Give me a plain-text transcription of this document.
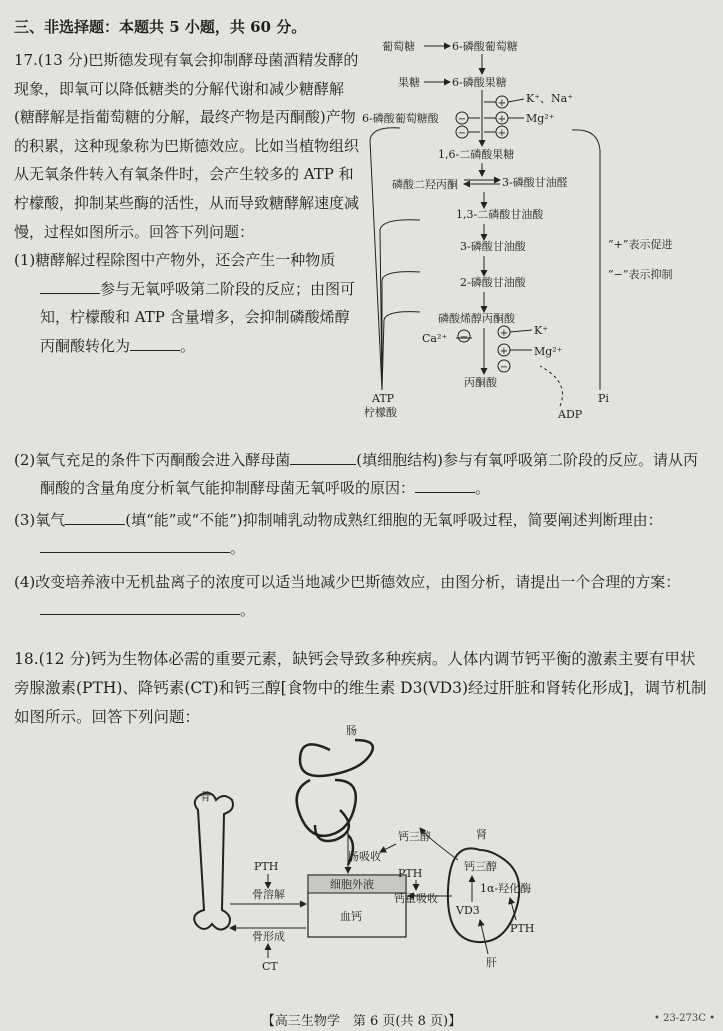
三、非选择题：本题共 5 小题，共 60 分。

17.(13 分)巴斯德发现有氧会抑制酵母菌酒精发酵的现象，即氧可以降低糖类的分解代谢和减少糖酵解(糖酵解是指葡萄糖的分解，最终产物是丙酮酸)产物的积累，这种现象称为巴斯德效应。比如当植物组织从无氧条件转入有氧条件时，会产生较多的 ATP 和柠檬酸，抑制某些酶的活性，从而导致糖酵解速度减慢，过程如图所示。回答下列问题：

(1)糖酵解过程除图中产物外，还会产生一种物质参与无氧呼吸第二阶段的反应；由图可知，柠檬酸和 ATP 含量增多，会抑制磷酸烯醇丙酮酸转化为	。

葡萄糖	6-磷酸葡萄糖
果糖	6-磷酸果糖
K⁺、Na⁺
Mg²⁺
6-磷酸葡萄糖酸
1,6-二磷酸果糖
磷酸二羟丙酮	3-磷酸甘油醛
1,3-二磷酸甘油酸
3-磷酸甘油酸
2-磷酸甘油酸
磷酸烯醇丙酮酸
Ca²⁺
K⁺
Mg²⁺
丙酮酸
ATP
柠檬酸	ADP
Pi
“+”表示促进
“−”表示抑制
−
−
+
+
+
−	+
+
−

(2)氧气充足的条件下丙酮酸会进入酵母菌	(填细胞结构)参与有氧呼吸第二阶段的反应。请从丙酮酸的含量角度分析氧气能抑制酵母菌无氧呼吸的原因：	。

(3)氧气	(填“能”或“不能”)抑制哺乳动物成熟红细胞的无氧呼吸过程，简要阐述判断理由：。

(4)改变培养液中无机盐离子的浓度可以适当地减少巴斯德效应，由图分析，请提出一个合理的方案：。

18.(12 分)钙为生物体必需的重要元素，缺钙会导致多种疾病。人体内调节钙平衡的激素主要有甲状旁腺激素(PTH)、降钙素(CT)和钙三醇[食物中的维生素 D3(VD3)经过肝脏和肾转化形成]，调节机制如图所示。回答下列问题：
肠
骨
肾
钙三醇
肠吸收
PTH
骨溶解
细胞外液
血钙
骨形成
CT
PTH
钙重吸收
钙三醇
1α-羟化酶
VD3
PTH
肝
【高三生物学　第 6 页(共 8 页)】	• 23-273C •
